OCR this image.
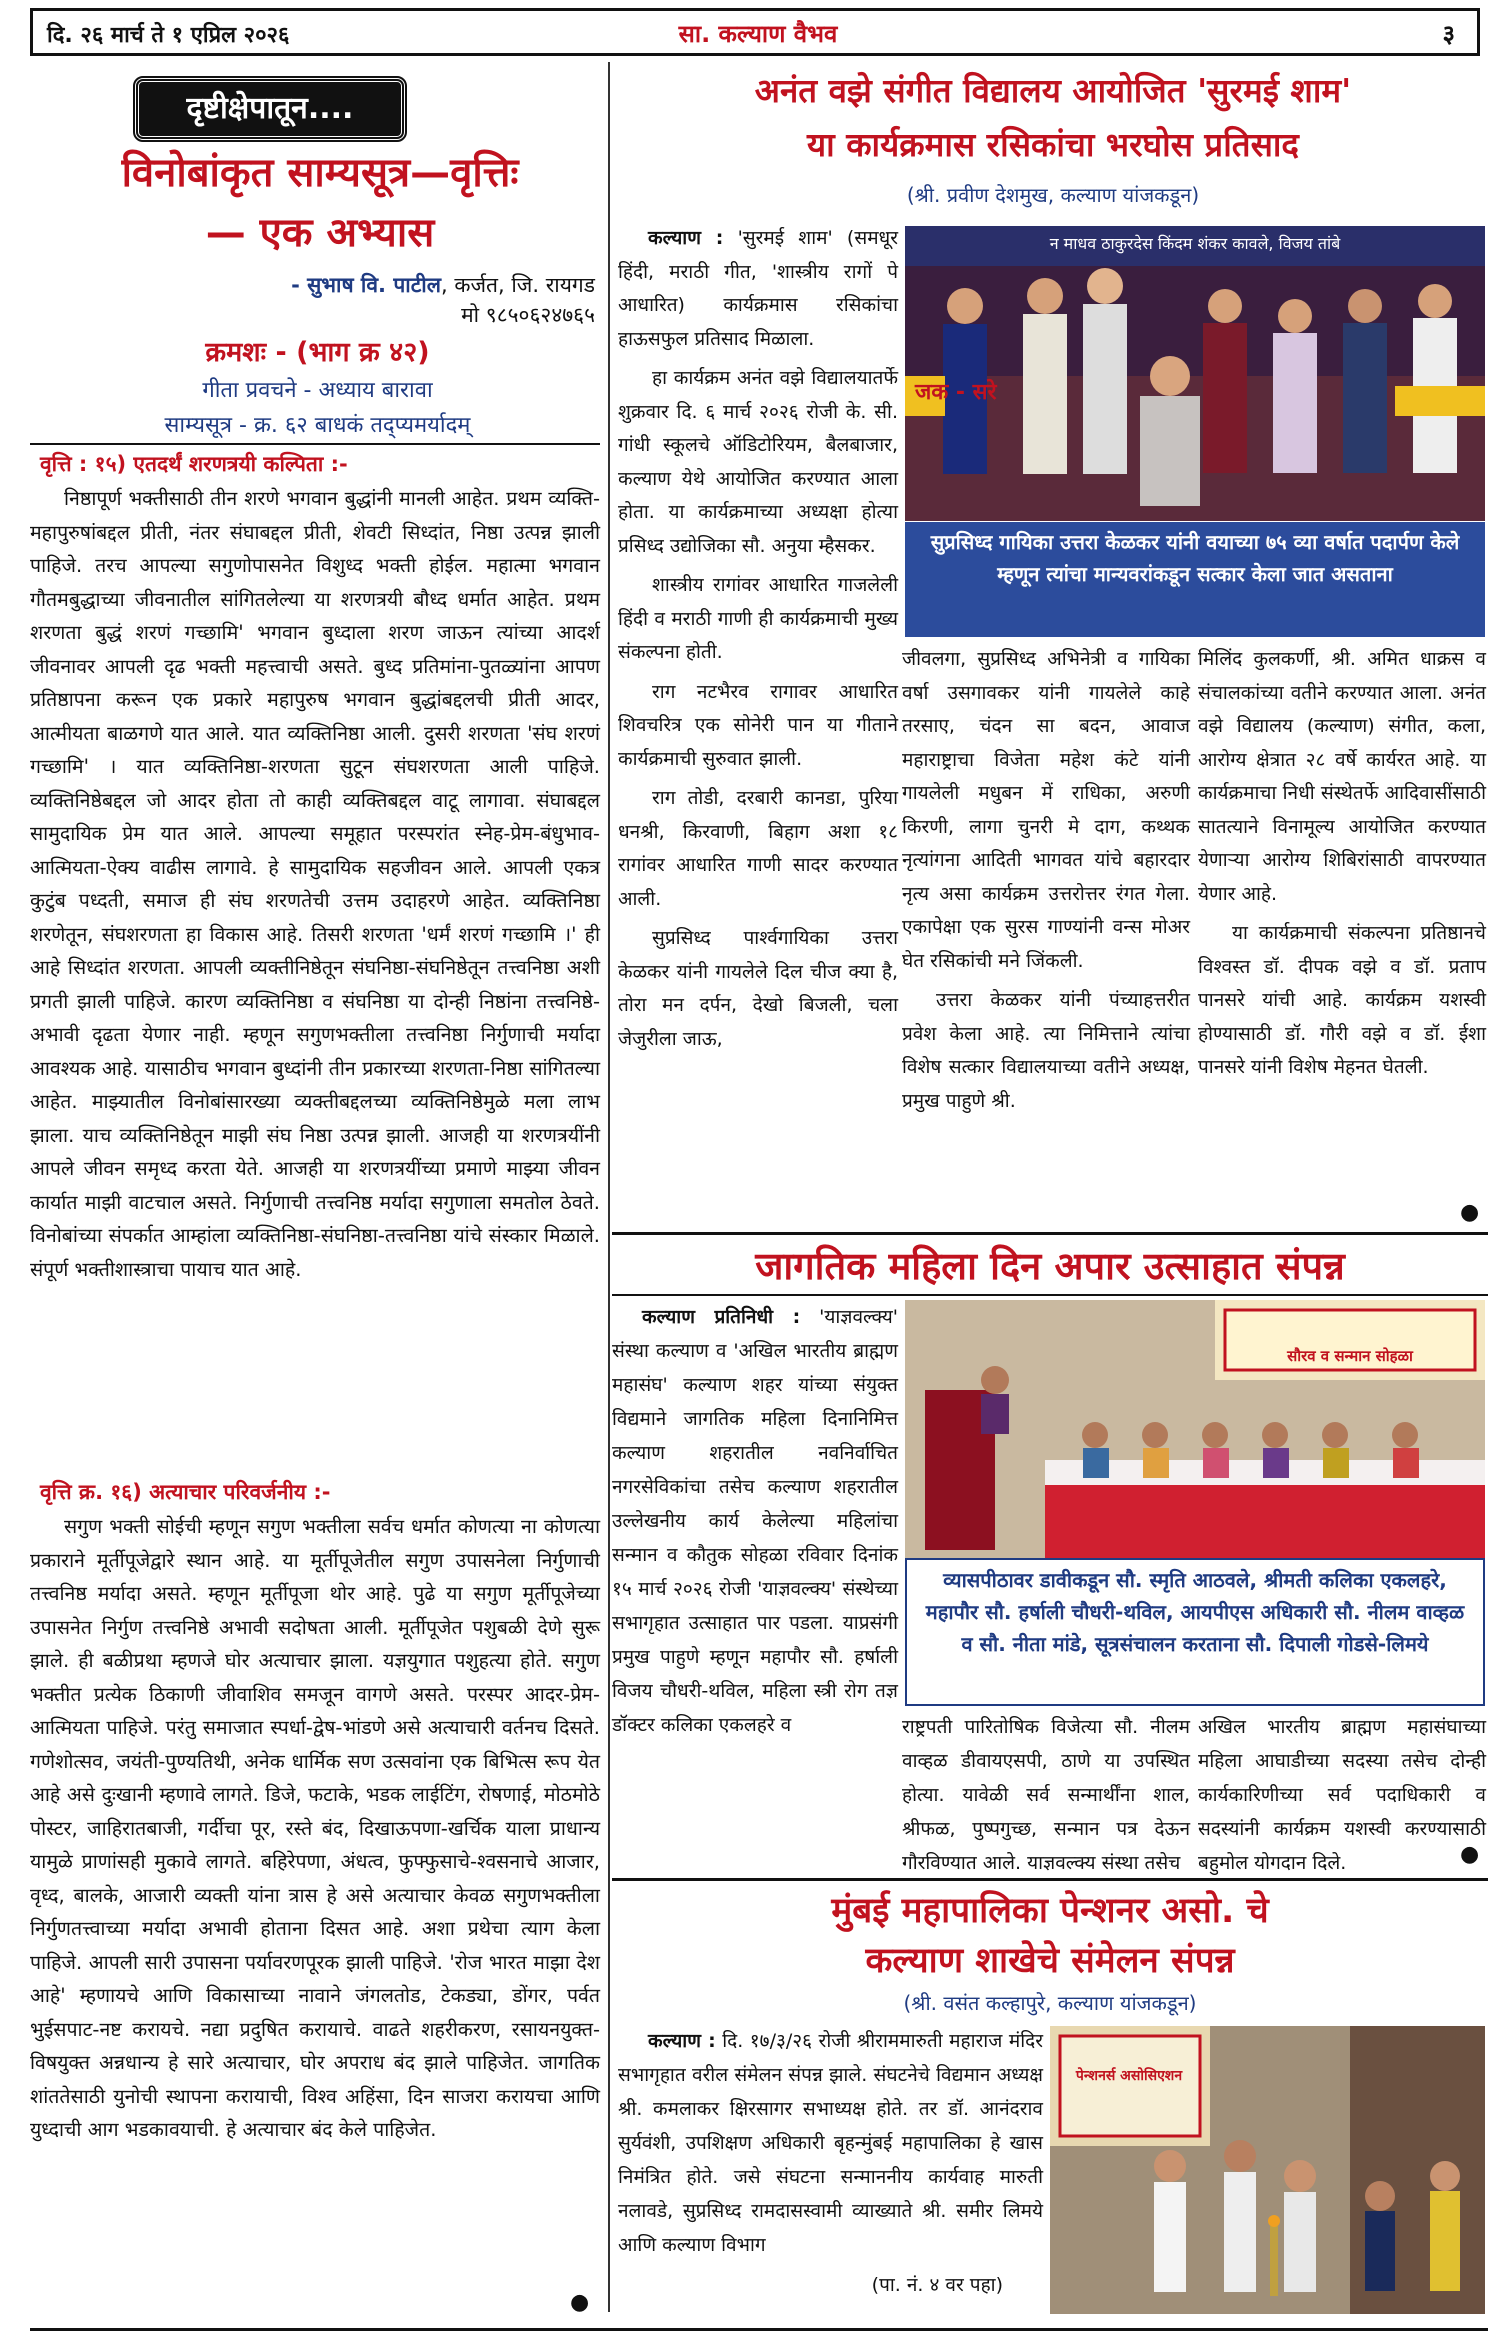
दि. २६ मार्च ते १ एप्रिल २०२६	सा. कल्याण वैभव	३
दृष्टीक्षेपातून....
विनोबांकृत साम्यसूत्र—वृत्तिः
— एक अभ्यास
- सुभाष वि. पाटील, कर्जत, जि. रायगड
मो ९८५०६२४७६५
क्रमशः - (भाग क्र ४२)
गीता प्रवचने - अध्याय बारावा
साम्यसूत्र - क्र. ६२ बाधकं तद्प्यमर्यादम्
वृत्ति : १५) एतदर्थं शरणत्रयी कल्पिता :-

निष्ठापूर्ण भक्तीसाठी तीन शरणे भगवान बुद्धांनी मानली आहेत. प्रथम व्यक्ति-महापुरुषांबद्दल प्रीती, नंतर संघाबद्दल प्रीती, शेवटी सिध्दांत, निष्ठा उत्पन्न झाली पाहिजे. तरच आपल्या सगुणोपासनेत विशुध्द भक्ती होईल. महात्मा भगवान गौतमबुद्धाच्या जीवनातील सांगितलेल्या या शरणत्रयी बौध्द धर्मात आहेत. प्रथम शरणता बुद्धं शरणं गच्छामि' भगवान बुध्दाला शरण जाऊन त्यांच्या आदर्श जीवनावर आपली दृढ भक्ती महत्त्वाची असते. बुध्द प्रतिमांना-पुतळ्यांना आपण प्रतिष्ठापना करून एक प्रकारे महापुरुष भगवान बुद्धांबद्दलची प्रीती आदर, आत्मीयता बाळगणे यात आले. यात व्यक्तिनिष्ठा आली. दुसरी शरणता 'संघ शरणं गच्छामि' । यात व्यक्तिनिष्ठा-शरणता सुटून संघशरणता आली पाहिजे. व्यक्तिनिष्ठेबद्दल जो आदर होता तो काही व्यक्तिबद्दल वाटू लागावा. संघाबद्दल सामुदायिक प्रेम यात आले. आपल्या समूहात परस्परांत स्नेह-प्रेम-बंधुभाव-आत्मियता-ऐक्य वाढीस लागावे. हे सामुदायिक सहजीवन आले. आपली एकत्र कुटुंब पध्दती, समाज ही संघ शरणतेची उत्तम उदाहरणे आहेत. व्यक्तिनिष्ठा शरणेतून, संघशरणता हा विकास आहे. तिसरी शरणता 'धर्मं शरणं गच्छामि ।' ही आहे सिध्दांत शरणता. आपली व्यक्तीनिष्ठेतून संघनिष्ठा-संघनिष्ठेतून तत्त्वनिष्ठा अशी प्रगती झाली पाहिजे. कारण व्यक्तिनिष्ठा व संघनिष्ठा या दोन्ही निष्ठांना तत्त्वनिष्ठे-अभावी दृढता येणार नाही. म्हणून सगुणभक्तीला तत्त्वनिष्ठा निर्गुणाची मर्यादा आवश्यक आहे. यासाठीच भगवान बुध्दांनी तीन प्रकारच्या शरणता-निष्ठा सांगितल्या आहेत. माझ्यातील विनोबांसारख्या व्यक्तीबद्दलच्या व्यक्तिनिष्ठेमुळे मला लाभ झाला. याच व्यक्तिनिष्ठेतून माझी संघ निष्ठा उत्पन्न झाली. आजही या शरणत्रयींनी आपले जीवन समृध्द करता येते. आजही या शरणत्रयींच्या प्रमाणे माझ्या जीवन कार्यात माझी वाटचाल असते. निर्गुणाची तत्त्वनिष्ठ मर्यादा सगुणाला समतोल ठेवते. विनोबांच्या संपर्कात आम्हांला व्यक्तिनिष्ठा-संघनिष्ठा-तत्त्वनिष्ठा यांचे संस्कार मिळाले. संपूर्ण भक्तीशास्त्राचा पायाच यात आहे.

वृत्ति क्र. १६) अत्याचार परिवर्जनीय :-

सगुण भक्ती सोईची म्हणून सगुण भक्तीला सर्वच धर्मात कोणत्या ना कोणत्या प्रकाराने मूर्तीपूजेद्वारे स्थान आहे. या मूर्तीपूजेतील सगुण उपासनेला निर्गुणाची तत्त्वनिष्ठ मर्यादा असते. म्हणून मूर्तीपूजा थोर आहे. पुढे या सगुण मूर्तीपूजेच्या उपासनेत निर्गुण तत्त्वनिष्ठे अभावी सदोषता आली. मूर्तीपूजेत पशुबळी देणे सुरू झाले. ही बळीप्रथा म्हणजे घोर अत्याचार झाला. यज्ञयुगात पशुहत्या होते. सगुण भक्तीत प्रत्येक ठिकाणी जीवाशिव समजून वागणे असते. परस्पर आदर-प्रेम-आत्मियता पाहिजे. परंतु समाजात स्पर्धा-द्वेष-भांडणे असे अत्याचारी वर्तनच दिसते. गणेशोत्सव, जयंती-पुण्यतिथी, अनेक धार्मिक सण उत्सवांना एक बिभित्स रूप येत आहे असे दुःखानी म्हणावे लागते. डिजे, फटाके, भडक लाईटिंग, रोषणाई, मोठमोठे पोस्टर, जाहिरातबाजी, गर्दीचा पूर, रस्ते बंद, दिखाऊपणा-खर्चिक याला प्राधान्य यामुळे प्राणांसही मुकावे लागते. बहिरेपणा, अंधत्व, फुफ्फुसाचे-श्वसनाचे आजार, वृध्द, बालके, आजारी व्यक्ती यांना त्रास हे असे अत्याचार केवळ सगुणभक्तीला निर्गुणतत्त्वाच्या मर्यादा अभावी होताना दिसत आहे. अशा प्रथेचा त्याग केला पाहिजे. आपली सारी उपासना पर्यावरणपूरक झाली पाहिजे. 'रोज भारत माझा देश आहे' म्हणायचे आणि विकासाच्या नावाने जंगलतोड, टेकड्या, डोंगर, पर्वत भुईसपाट-नष्ट करायचे. नद्या प्रदुषित करायाचे. वाढते शहरीकरण, रसायनयुक्त-विषयुक्त अन्नधान्य हे सारे अत्याचार, घोर अपराध बंद झाले पाहिजेत. जागतिक शांततेसाठी युनोची स्थापना करायाची, विश्व अहिंसा, दिन साजरा करायचा आणि युध्दाची आग भडकावयाची. हे अत्याचार बंद केले पाहिजेत.

●
अनंत वझे संगीत विद्यालय आयोजित 'सुरमई शाम'
या कार्यक्रमास रसिकांचा भरघोस प्रतिसाद
(श्री. प्रवीण देशमुख, कल्याण यांजकडून)

कल्याण : 'सुरमई शाम' (समधूर हिंदी, मराठी गीत, 'शास्त्रीय रागों पे आधारित) कार्यक्रमास रसिकांचा हाऊसफुल प्रतिसाद मिळाला.

हा कार्यक्रम अनंत वझे विद्यालयातर्फे शुक्रवार दि. ६ मार्च २०२६ रोजी के. सी. गांधी स्कूलचे ऑडिटोरियम, बैलबाजार, कल्याण येथे आयोजित करण्यात आला होता. या कार्यक्रमाच्या अध्यक्षा होत्या प्रसिध्द उद्योजिका सौ. अनुया म्हैसकर.

शास्त्रीय रागांवर आधारित गाजलेली हिंदी व मराठी गाणी ही कार्यक्रमाची मुख्य संकल्पना होती.

राग नटभैरव रागावर आधारित शिवचरित्र एक सोनेरी पान या गीताने कार्यक्रमाची सुरुवात झाली.

राग तोडी, दरबारी कानडा, पुरिया धनश्री, किरवाणी, बिहाग अशा १८ रागांवर आधारित गाणी सादर करण्यात आली.

सुप्रसिध्द पार्श्वगायिका उत्तरा केळकर यांनी गायलेले दिल चीज क्या है, तोरा मन दर्पन, देखो बिजली, चला जेजुरीला जाऊ,

न माधव ठाकुरदेस किंदम शंकर कावले, विजय तांबे
जक - सरे
सुप्रसिध्द गायिका उत्तरा केळकर यांनी वयाच्या ७५ व्या वर्षात पदार्पण केले म्हणून त्यांचा मान्यवरांकडून सत्कार केला जात असताना

जीवलगा, सुप्रसिध्द अभिनेत्री व गायिका वर्षा उसगावकर यांनी गायलेले काहे तरसाए, चंदन सा बदन, आवाज महाराष्ट्राचा विजेता महेश कंटे यांनी गायलेली मधुबन में राधिका, अरुणी किरणी, लागा चुनरी मे दाग, कथ्थक नृत्यांगना आदिती भागवत यांचे बहारदार नृत्य असा कार्यक्रम उत्तरोत्तर रंगत गेला. एकापेक्षा एक सुरस गाण्यांनी वन्स मोअर घेत रसिकांची मने जिंकली.

उत्तरा केळकर यांनी पंच्याहत्तरीत प्रवेश केला आहे. त्या निमित्ताने त्यांचा विशेष सत्कार विद्यालयाच्या वतीने अध्यक्ष, प्रमुख पाहुणे श्री.

मिलिंद कुलकर्णी, श्री. अमित धाक्रस व संचालकांच्या वतीने करण्यात आला. अनंत वझे विद्यालय (कल्याण) संगीत, कला, आरोग्य क्षेत्रात २८ वर्षे कार्यरत आहे. या कार्यक्रमाचा निधी संस्थेतर्फे आदिवासींसाठी सातत्याने विनामूल्य आयोजित करण्यात येणाऱ्या आरोग्य शिबिरांसाठी वापरण्यात येणार आहे.

या कार्यक्रमाची संकल्पना प्रतिष्ठानचे विश्वस्त डॉ. दीपक वझे व डॉ. प्रताप पानसरे यांची आहे. कार्यक्रम यशस्वी होण्यासाठी डॉ. गौरी वझे व डॉ. ईशा पानसरे यांनी विशेष मेहनत घेतली.

●
जागतिक महिला दिन अपार उत्साहात संपन्न

कल्याण प्रतिनिधी : 'याज्ञवल्क्य' संस्था कल्याण व 'अखिल भारतीय ब्राह्मण महासंघ' कल्याण शहर यांच्या संयुक्त विद्यमाने जागतिक महिला दिनानिमित्त कल्याण शहरातील नवनिर्वाचित नगरसेविकांचा तसेच कल्याण शहरातील उल्लेखनीय कार्य केलेल्या महिलांचा सन्मान व कौतुक सोहळा रविवार दिनांक १५ मार्च २०२६ रोजी 'याज्ञवल्क्य' संस्थेच्या सभागृहात उत्साहात पार पडला. याप्रसंगी प्रमुख पाहुणे म्हणून महापौर सौ. हर्षाली विजय चौधरी-थविल, महिला स्त्री रोग तज्ञ डॉक्टर कलिका एकलहरे व

सौरव व सन्मान सोहळा
व्यासपीठावर डावीकडून सौ. स्मृति आठवले, श्रीमती कलिका एकलहरे, महापौर सौ. हर्षाली चौधरी-थविल, आयपीएस अधिकारी सौ. नीलम वाव्हळ व सौ. नीता मांडे, सूत्रसंचालन करताना सौ. दिपाली गोडसे-लिमये

राष्ट्रपती पारितोषिक विजेत्या सौ. नीलम वाव्हळ डीवायएसपी, ठाणे या उपस्थित होत्या. यावेळी सर्व सन्मार्थींना शाल, श्रीफळ, पुष्पगुच्छ, सन्मान पत्र देऊन गौरविण्यात आले. याज्ञवल्क्य संस्था तसेच

अखिल भारतीय ब्राह्मण महासंघाच्या महिला आघाडीच्या सदस्या तसेच दोन्ही कार्यकारिणीच्या सर्व पदाधिकारी व सदस्यांनी कार्यक्रम यशस्वी करण्यासाठी बहुमोल योगदान दिले.	●
मुंबई महापालिका पेन्शनर असो. चे
कल्याण शाखेचे संमेलन संपन्न
(श्री. वसंत कल्हापुरे, कल्याण यांजकडून)

कल्याण : दि. १७/३/२६ रोजी श्रीराममारुती महाराज मंदिर सभागृहात वरील संमेलन संपन्न झाले. संघटनेचे विद्यमान अध्यक्ष श्री. कमलाकर क्षिरसागर सभाध्यक्ष होते. तर डॉ. आनंदराव सुर्यवंशी, उपशिक्षण अधिकारी बृहन्मुंबई महापालिका हे खास निमंत्रित होते. जसे संघटना सन्माननीय कार्यवाह मारुती नलावडे, सुप्रसिध्द रामदासस्वामी व्याख्याते श्री. समीर लिमये आणि कल्याण विभाग

(पा. नं. ४ वर पहा)

पेन्शनर्स असोसिएशन
